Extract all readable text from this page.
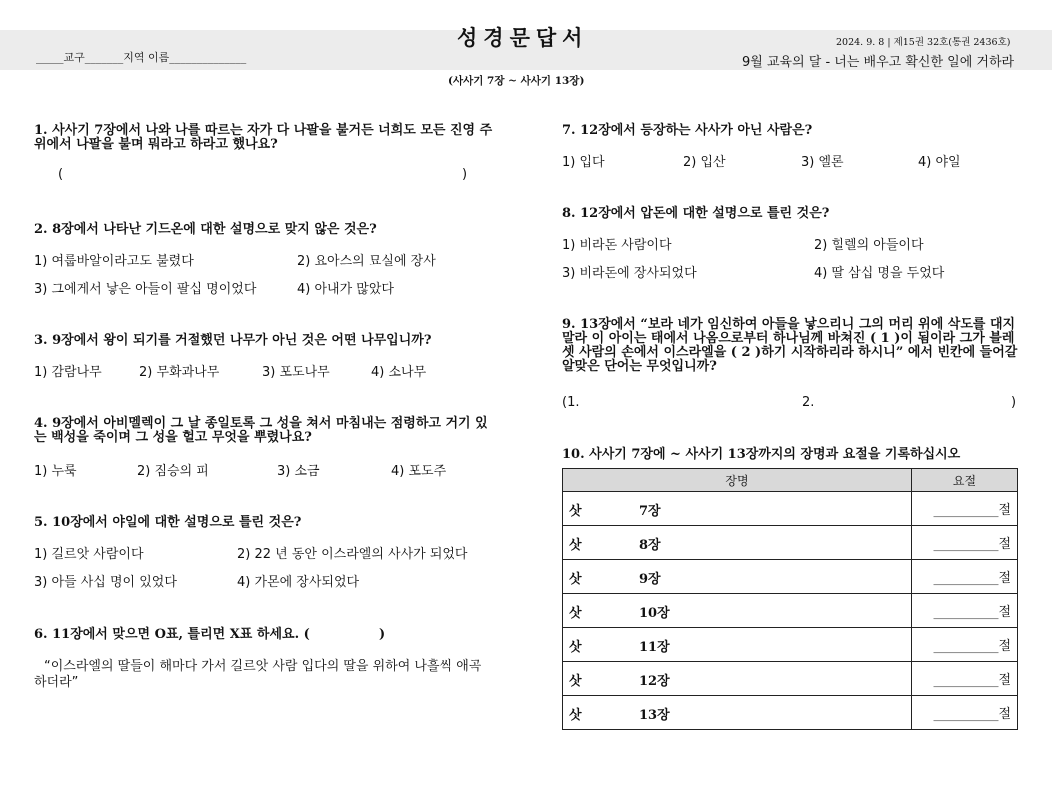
성경문답서
_____교구_______지역 이름______________
2024. 9. 8 | 제15권 32호(통권 2436호)
9월 교육의 달 - 너는 배우고 확신한 일에 거하라
(사사기 7장 ~ 사사기 13장)
1. 사사기 7장에서 나와 나를 따르는 자가 다 나팔을 불거든 너희도 모든 진영 주위에서 나팔을 불며 뭐라고 하라고 했나요?
(	)
2. 8장에서 나타난 기드온에 대한 설명으로 맞지 않은 것은?
1) 여룹바알이라고도 불렸다	2) 요아스의 묘실에 장사
3) 그에게서 낳은 아들이 팔십 명이었다	4) 아내가 많았다
3. 9장에서 왕이 되기를 거절했던 나무가 아닌 것은 어떤 나무입니까?
1) 감람나무	2) 무화과나무	3) 포도나무	4) 소나무
4. 9장에서 아비멜렉이 그 날 종일토록 그 성을 쳐서 마침내는 점령하고 거기 있는 백성을 죽이며 그 성을 헐고 무엇을 뿌렸나요?
1) 누룩	2) 짐승의 피	3) 소금	4) 포도주
5. 10장에서 야일에 대한 설명으로 틀린 것은?
1) 길르앗 사람이다	2) 22 년 동안 이스라엘의 사사가 되었다
3) 아들 사십 명이 있었다	4) 가몬에 장사되었다
6. 11장에서 맞으면 O표, 틀리면 X표 하세요. (	)
“이스라엘의 딸들이 해마다 가서 길르앗 사람 입다의 딸을 위하여 나흘씩 애곡
하더라”
7. 12장에서 등장하는 사사가 아닌 사람은?
1) 입다	2) 입산	3) 엘론	4) 야일
8. 12장에서 압돈에 대한 설명으로 틀린 것은?
1) 비라돈 사람이다	2) 힐렐의 아들이다
3) 비라돈에 장사되었다	4) 딸 삼십 명을 두었다
9. 13장에서 “보라 네가 임신하여 아들을 낳으리니 그의 머리 위에 삭도를 대지 말라 이 아이는 태에서 나옴으로부터 하나님께 바쳐진 ( 1 )이 됨이라 그가 블레셋 사람의 손에서 이스라엘을 ( 2 )하기 시작하리라 하시니” 에서 빈칸에 들어갈 알맞은 단어는 무엇입니까?
(1.	2.	)
10. 사사기 7장에 ~ 사사기 13장까지의 장명과 요절을 기록하십시오
장명	요절

삿 7장	__________절

삿 8장	__________절

삿 9장	__________절

삿 10장	__________절

삿 11장	__________절

삿 12장	__________절

삿 13장	__________절
